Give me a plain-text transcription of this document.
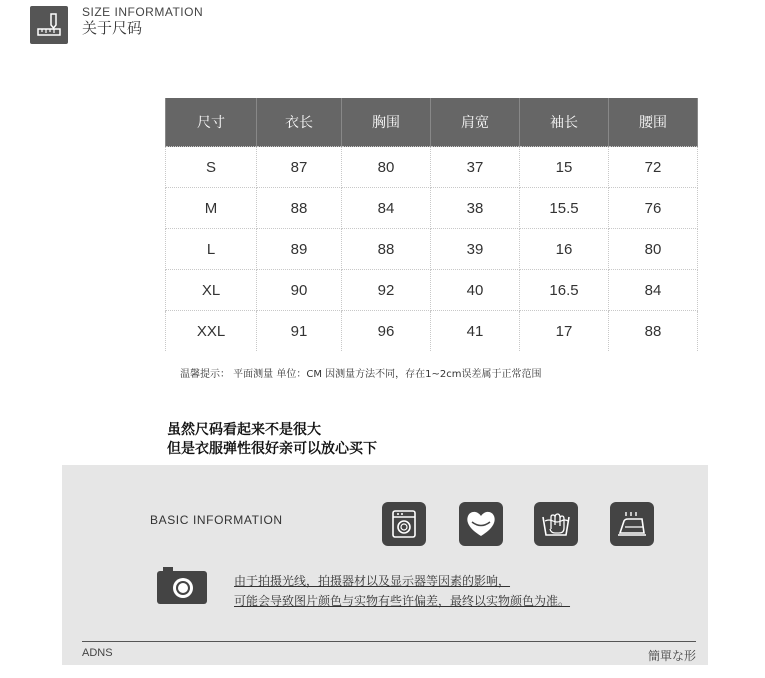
SIZE INFORMATION
关于尺码
尺寸	衣长	胸围	肩宽	袖长	腰围
S	87	80	37	15	72
M	88	84	38	15.5	76
L	89	88	39	16	80
XL	90	92	40	16.5	84
XXL	91	96	41	17	88
温馨提示： 平面测量 单位：CM 因测量方法不同，存在1~2cm误差属于正常范围
虽然尺码看起来不是很大
但是衣服弹性很好亲可以放心买下
BASIC INFORMATION
由于拍摄光线，拍摄器材以及显示器等因素的影响，
可能会导致图片颜色与实物有些许偏差，最终以实物颜色为准。
ADNS	簡單な形
